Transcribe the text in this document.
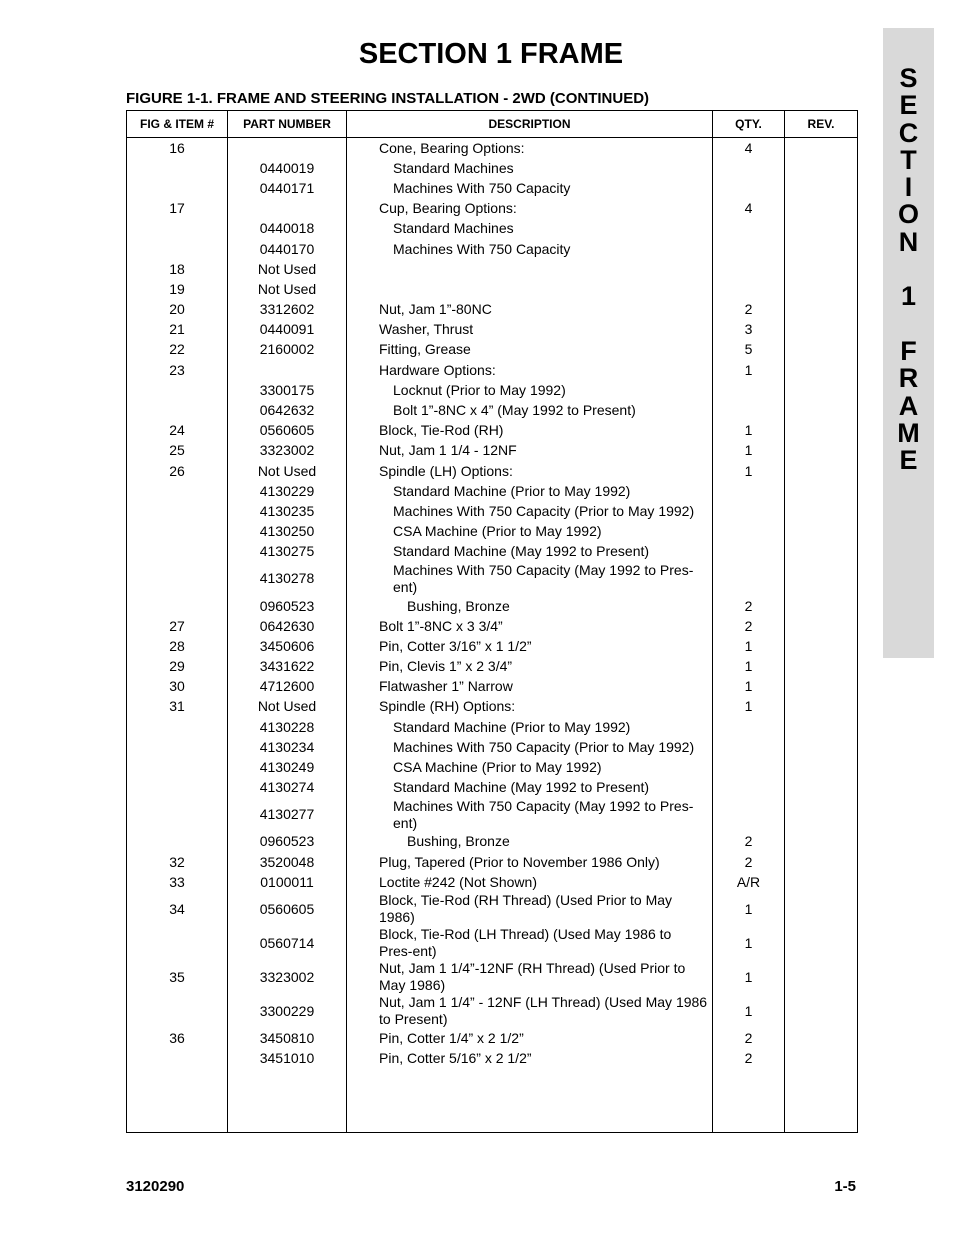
SECTION 1 FRAME
FIGURE 1-1. FRAME AND STEERING INSTALLATION - 2WD (CONTINUED)
S
E
C
T
I
O
N
1
F
R
A
M
E
FIG & ITEM #	PART NUMBER	DESCRIPTION	QTY.	REV.
16		Cone, Bearing Options:	4	
	0440019	Standard Machines		
	0440171	Machines With 750 Capacity		
17		Cup, Bearing Options:	4	
	0440018	Standard Machines		
	0440170	Machines With 750 Capacity		
18	Not Used			
19	Not Used			
20	3312602	Nut, Jam 1”-80NC	2	
21	0440091	Washer, Thrust	3	
22	2160002	Fitting, Grease	5	
23		Hardware Options:	1	
	3300175	Locknut (Prior to May 1992)		
	0642632	Bolt 1”-8NC x 4” (May 1992 to Present)		
24	0560605	Block, Tie-Rod (RH)	1	
25	3323002	Nut, Jam 1 1/4 - 12NF	1	
26	Not Used	Spindle (LH) Options:	1	
	4130229	Standard Machine (Prior to May 1992)		
	4130235	Machines With 750 Capacity (Prior to May 1992)		
	4130250	CSA Machine (Prior to May 1992)		
	4130275	Standard Machine (May 1992 to Present)		
	4130278	Machines With 750 Capacity (May 1992 to Pres-ent)		
	0960523	Bushing, Bronze	2	
27	0642630	Bolt 1”-8NC x 3 3/4”	2	
28	3450606	Pin, Cotter 3/16” x 1 1/2”	1	
29	3431622	Pin, Clevis 1” x 2 3/4”	1	
30	4712600	Flatwasher 1” Narrow	1	
31	Not Used	Spindle (RH) Options:	1	
	4130228	Standard Machine (Prior to May 1992)		
	4130234	Machines With 750 Capacity (Prior to May 1992)		
	4130249	CSA Machine (Prior to May 1992)		
	4130274	Standard Machine (May 1992 to Present)		
	4130277	Machines With 750 Capacity (May 1992 to Pres-ent)		
	0960523	Bushing, Bronze	2	
32	3520048	Plug, Tapered (Prior to November 1986 Only)	2	
33	0100011	Loctite #242 (Not Shown)	A/R	
34	0560605	Block, Tie-Rod (RH Thread) (Used Prior to May 1986)	1	
	0560714	Block, Tie-Rod (LH Thread) (Used May 1986 to Pres-ent)	1	
35	3323002	Nut, Jam 1 1/4”-12NF (RH Thread) (Used Prior to May 1986)	1	
	3300229	Nut, Jam 1 1/4” - 12NF (LH Thread) (Used May 1986 to Present)	1	
36	3450810	Pin, Cotter 1/4” x 2 1/2”	2	
	3451010	Pin, Cotter 5/16” x 2 1/2”	2	

3120290	1-5
